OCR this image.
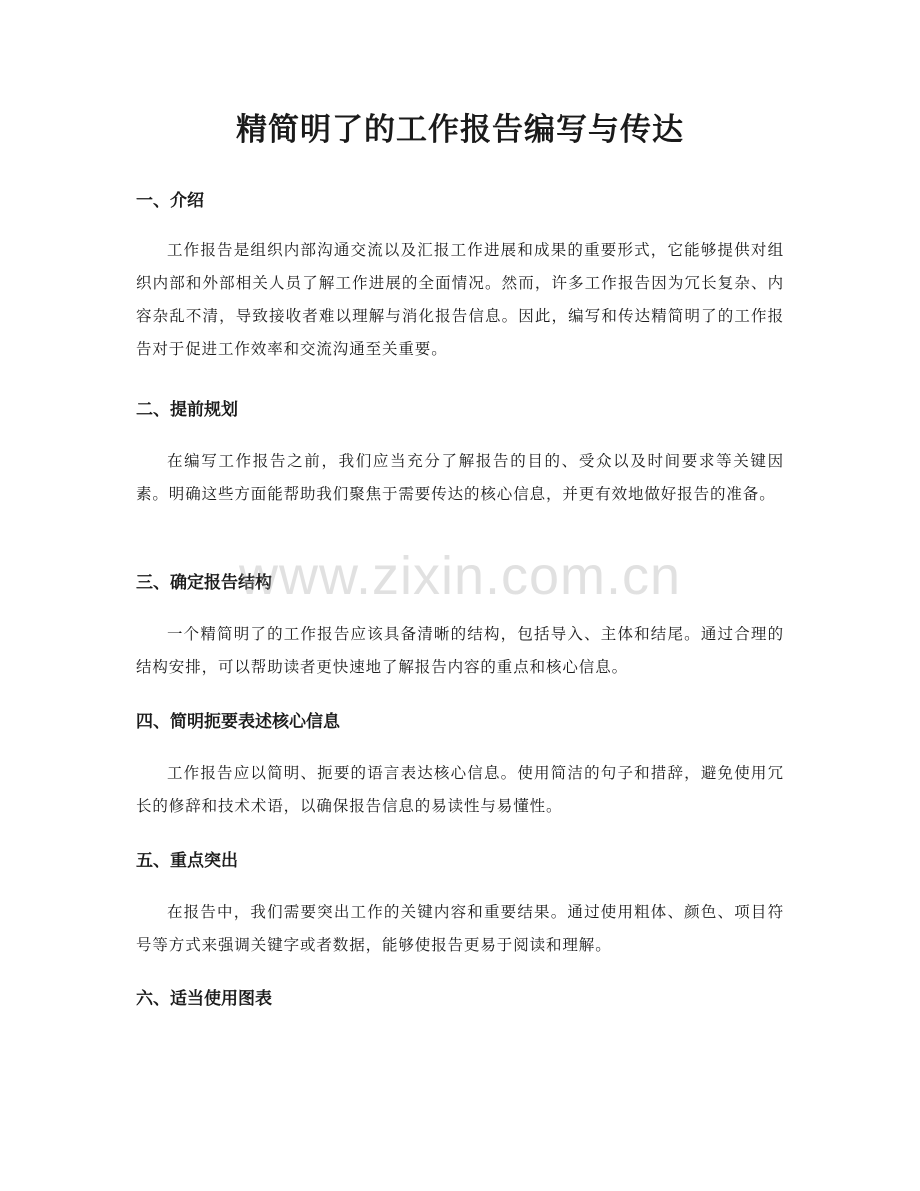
精简明了的工作报告编写与传达
一、介绍

工作报告是组织内部沟通交流以及汇报工作进展和成果的重要形式，它能够提供对组织内部和外部相关人员了解工作进展的全面情况。然而，许多工作报告因为冗长复杂、内容杂乱不清，导致接收者难以理解与消化报告信息。因此，编写和传达精简明了的工作报告对于促进工作效率和交流沟通至关重要。

二、提前规划

在编写工作报告之前，我们应当充分了解报告的目的、受众以及时间要求等关键因素。明确这些方面能帮助我们聚焦于需要传达的核心信息，并更有效地做好报告的准备。

三、确定报告结构

一个精简明了的工作报告应该具备清晰的结构，包括导入、主体和结尾。通过合理的结构安排，可以帮助读者更快速地了解报告内容的重点和核心信息。

四、简明扼要表述核心信息

工作报告应以简明、扼要的语言表达核心信息。使用简洁的句子和措辞，避免使用冗长的修辞和技术术语，以确保报告信息的易读性与易懂性。

五、重点突出

在报告中，我们需要突出工作的关键内容和重要结果。通过使用粗体、颜色、项目符号等方式来强调关键字或者数据，能够使报告更易于阅读和理解。

六、适当使用图表
www.zixin.com.cn
